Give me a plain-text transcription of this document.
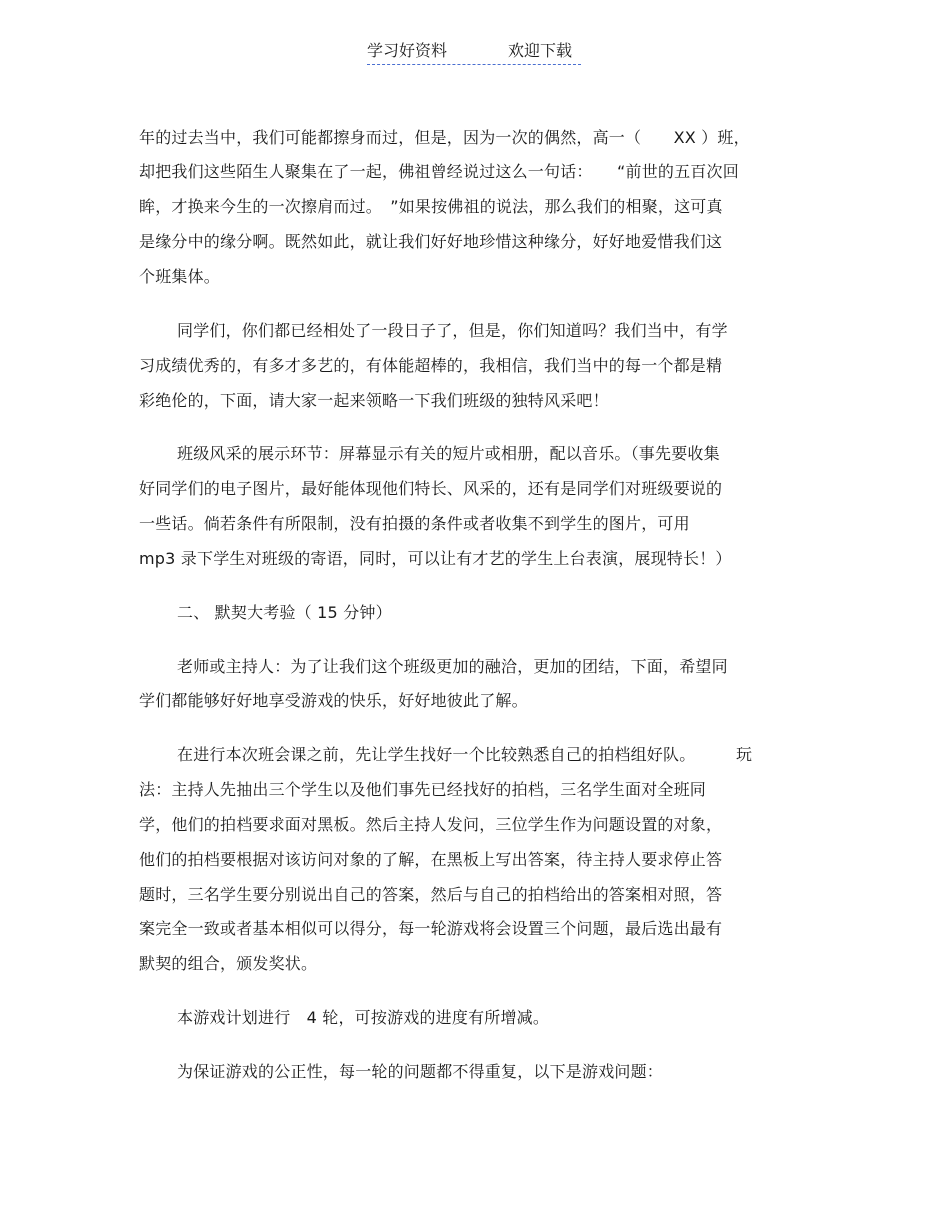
学习好资料	欢迎下载
年的过去当中，我们可能都擦身而过，但是，因为一次的偶然，高一（　　XX ）班，
却把我们这些陌生人聚集在了一起，佛祖曾经说过这么一句话：　　“前世的五百次回
眸，才换来今生的一次擦肩而过。　”如果按佛祖的说法，那么我们的相聚，这可真
是缘分中的缘分啊。既然如此，就让我们好好地珍惜这种缘分，好好地爱惜我们这
个班集体。
同学们，你们都已经相处了一段日子了，但是，你们知道吗？我们当中，有学
习成绩优秀的，有多才多艺的，有体能超棒的，我相信，我们当中的每一个都是精
彩绝伦的，下面，请大家一起来领略一下我们班级的独特风采吧！
班级风采的展示环节：屏幕显示有关的短片或相册，配以音乐。（事先要收集
好同学们的电子图片，最好能体现他们特长、风采的，还有是同学们对班级要说的
一些话。倘若条件有所限制，没有拍摄的条件或者收集不到学生的图片，可用
mp3 录下学生对班级的寄语，同时，可以让有才艺的学生上台表演，展现特长！）
二、 默契大考验（ 15 分钟）
老师或主持人：为了让我们这个班级更加的融洽，更加的团结，下面，希望同
学们都能够好好地享受游戏的快乐，好好地彼此了解。
在进行本次班会课之前，先让学生找好一个比较熟悉自己的拍档组好队。　　　玩
法：主持人先抽出三个学生以及他们事先已经找好的拍档，三名学生面对全班同
学，他们的拍档要求面对黑板。然后主持人发问，三位学生作为问题设置的对象，
他们的拍档要根据对该访问对象的了解，在黑板上写出答案，待主持人要求停止答
题时，三名学生要分别说出自己的答案，然后与自己的拍档给出的答案相对照，答
案完全一致或者基本相似可以得分，每一轮游戏将会设置三个问题，最后选出最有
默契的组合，颁发奖状。
本游戏计划进行　4 轮，可按游戏的进度有所增减。
为保证游戏的公正性，每一轮的问题都不得重复，以下是游戏问题：
